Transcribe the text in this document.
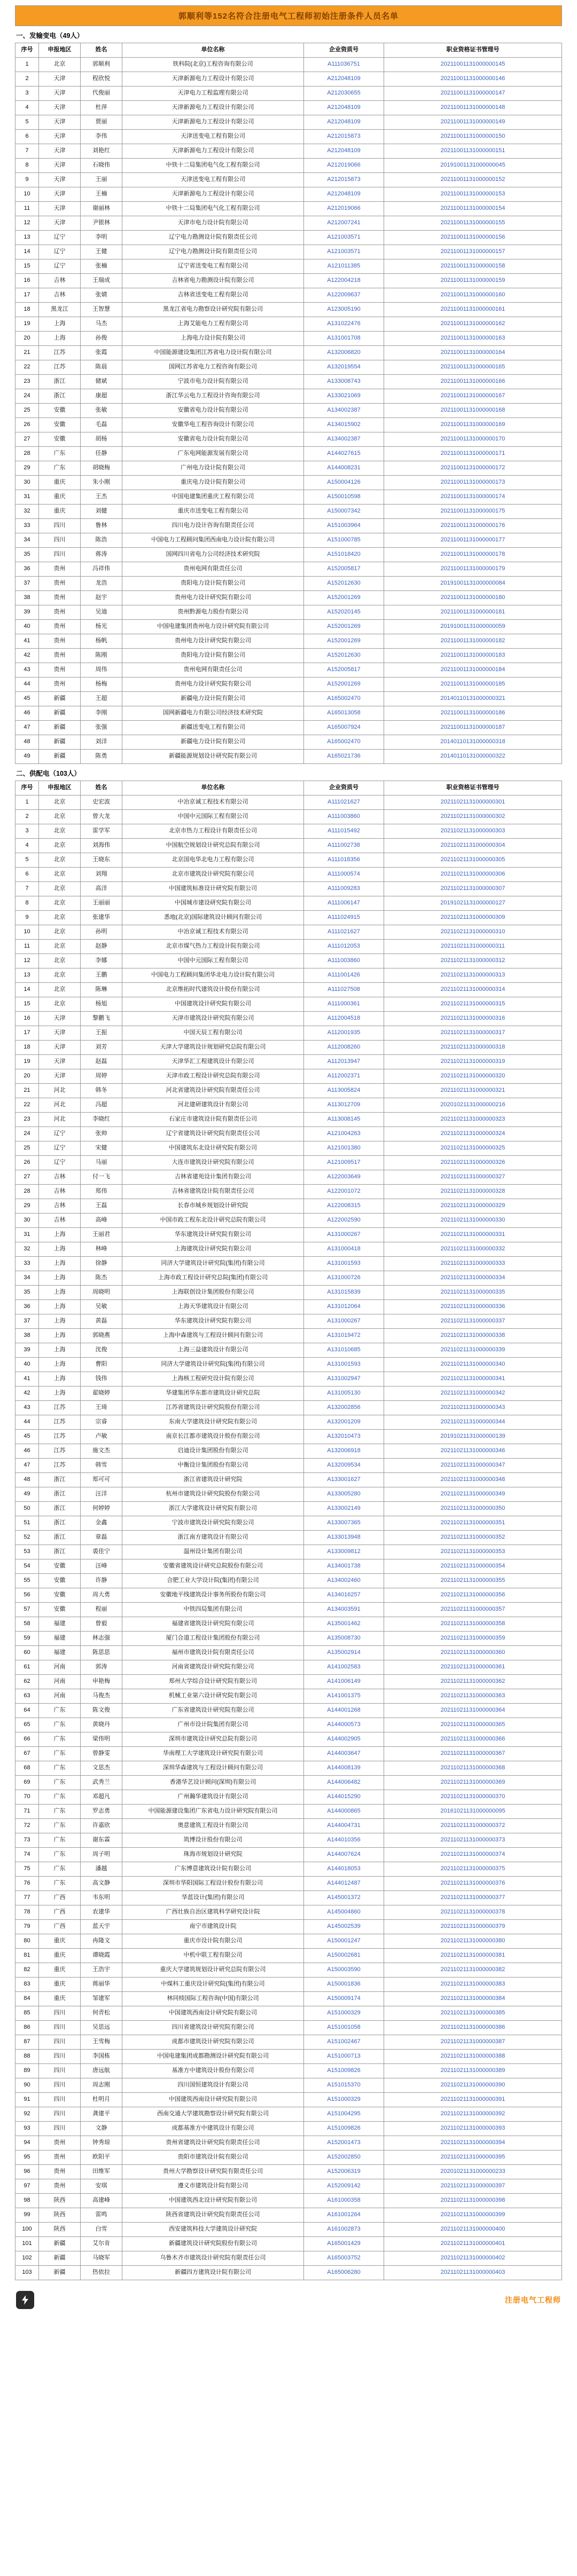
郭顺利等152名符合注册电气工程师初始注册条件人员名单
一、发输变电（49人）
序号	申报地区	姓名	单位名称	企业资质号	职业资格证书管理号
1	北京	郭顺利	铁科院(北京)工程咨询有限公司	A111036751	20211001131000000145
2	天津	程欣悦	天津新源电力工程设计有限公司	A212048109	20211001131000000146
3	天津	代俊丽	天津电力工程监理有限公司	A212030655	20211001131000000147
4	天津	杜萍	天津新源电力工程设计有限公司	A212048109	20211001131000000148
5	天津	贾丽	天津新源电力工程设计有限公司	A212048109	20211001131000000149
6	天津	李伟	天津送变电工程有限公司	A212015873	20211001131000000150
7	天津	刘艳红	天津新源电力工程设计有限公司	A212048109	20211001131000000151
8	天津	石晓伟	中铁十二局集团电气化工程有限公司	A212019066	20191001131000000045
9	天津	王丽	天津送变电工程有限公司	A212015873	20211001131000000152
10	天津	王楠	天津新源电力工程设计有限公司	A212048109	20211001131000000153
11	天津	谢丽林	中铁十二局集团电气化工程有限公司	A212019066	20211001131000000154
12	天津	尹银林	天津市电力设计院有限公司	A212007241	20211001131000000155
13	辽宁	李明	辽宁电力勘测设计院有限责任公司	A121003571	20211001131000000156
14	辽宁	王健	辽宁电力勘测设计院有限责任公司	A121003571	20211001131000000157
15	辽宁	张楠	辽宁省送变电工程有限公司	A121011385	20211001131000000158
16	吉林	王瑞成	吉林省电力勘测设计院有限公司	A122004218	20211001131000000159
17	吉林	张婧	吉林省送变电工程有限公司	A122009637	20211001131000000160
18	黑龙江	王智慧	黑龙江省电力勘察设计研究院有限公司	A123005190	20211001131000000161
19	上海	马杰	上海艾能电力工程有限公司	A131022476	20211001131000000162
20	上海	孙俊	上海电力设计院有限公司	A131001708	20211001131000000163
21	江苏	张霞	中国能源建设集团江苏省电力设计院有限公司	A132006820	20211001131000000164
22	江苏	陈晨	国网江苏省电力工程咨询有限公司	A132019554	20211001131000000165
23	浙江	储斌	宁波市电力设计院有限公司	A133008743	20211001131000000166
24	浙江	康超	浙江华云电力工程设计咨询有限公司	A133021069	20211001131000000167
25	安徽	张敏	安徽省电力设计院有限公司	A134002387	20211001131000000168
26	安徽	毛磊	安徽华电工程咨询设计有限公司	A134015902	20211001131000000169
27	安徽	胡杨	安徽省电力设计院有限公司	A134002387	20211001131000000170
28	广东	任静	广东电网能源发展有限公司	A144027615	20211001131000000171
29	广东	胡晓梅	广州电力设计院有限公司	A144008231	20211001131000000172
30	重庆	朱小刚	重庆电力设计院有限公司	A150004126	20211001131000000173
31	重庆	王杰	中国电建集团重庆工程有限公司	A150010598	20211001131000000174
32	重庆	刘健	重庆市送变电工程有限公司	A150007342	20211001131000000175
33	四川	鲁林	四川电力设计咨询有限责任公司	A151003964	20211001131000000176
34	四川	陈浩	中国电力工程顾问集团西南电力设计院有限公司	A151000785	20211001131000000177
35	四川	蒋涛	国网四川省电力公司经济技术研究院	A151018420	20211001131000000178
36	贵州	冯祥伟	贵州电网有限责任公司	A152005817	20211001131000000179
37	贵州	龙浩	贵阳电力设计院有限公司	A152012630	20191001131000000084
38	贵州	赵宇	贵州电力设计研究院有限公司	A152001269	20211001131000000180
39	贵州	吴迪	贵州黔源电力股份有限公司	A152020145	20211001131000000181
40	贵州	杨光	中国电建集团贵州电力设计研究院有限公司	A152001269	20191001131000000059
41	贵州	杨帆	贵州电力设计研究院有限公司	A152001269	20211001131000000182
42	贵州	陈刚	贵阳电力设计院有限公司	A152012630	20211001131000000183
43	贵州	周伟	贵州电网有限责任公司	A152005817	20211001131000000184
44	贵州	杨梅	贵州电力设计研究院有限公司	A152001269	20211001131000000185
45	新疆	王超	新疆电力设计院有限公司	A165002470	20140110131000000321
46	新疆	李刚	国网新疆电力有限公司经济技术研究院	A165013058	20211001131000000186
47	新疆	张强	新疆送变电工程有限公司	A165007924	20211001131000000187
48	新疆	刘洋	新疆电力设计院有限公司	A165002470	20140110131000000318
49	新疆	陈勇	新疆能源规划设计研究院有限公司	A165021736	20140110131000000322
二、供配电（103人）
序号	申报地区	姓名	单位名称	企业资质号	职业资格证书管理号
1	北京	史宏波	中冶京诚工程技术有限公司	A111021627	20211021131000000301
2	北京	曾大龙	中国中元国际工程有限公司	A111003860	20211021131000000302
3	北京	雷学军	北京市热力工程设计有限责任公司	A111015492	20211021131000000303
4	北京	刘海伟	中国航空规划设计研究总院有限公司	A111002738	20211021131000000304
5	北京	王晓东	北京国电华北电力工程有限公司	A111018356	20211021131000000305
6	北京	刘翔	北京市建筑设计研究院有限公司	A111000574	20211021131000000306
7	北京	高洋	中国建筑标准设计研究院有限公司	A111009283	20211021131000000307
8	北京	王丽丽	中国城市建设研究院有限公司	A111006147	20191021131000000127
9	北京	张建华	悉地(北京)国际建筑设计顾问有限公司	A111024915	20211021131000000309
10	北京	孙明	中冶京诚工程技术有限公司	A111021627	20211021131000000310
11	北京	赵静	北京市煤气热力工程设计院有限公司	A111012053	20211021131000000311
12	北京	李娜	中国中元国际工程有限公司	A111003860	20211021131000000312
13	北京	王鹏	中国电力工程顾问集团华北电力设计院有限公司	A111001426	20211021131000000313
14	北京	陈琳	北京维拓时代建筑设计股份有限公司	A111027508	20211021131000000314
15	北京	杨旭	中国建筑设计研究院有限公司	A111000361	20211021131000000315
16	天津	黎鹏飞	天津市建筑设计研究院有限公司	A112004518	20211021131000000316
17	天津	王振	中国天辰工程有限公司	A112001935	20211021131000000317
18	天津	刘芳	天津大学建筑设计规划研究总院有限公司	A112008260	20211021131000000318
19	天津	赵磊	天津华汇工程建筑设计有限公司	A112013947	20211021131000000319
20	天津	周婷	天津市政工程设计研究总院有限公司	A112002371	20211021131000000320
21	河北	韩冬	河北省建筑设计研究院有限责任公司	A113005824	20211021131000000321
22	河北	冯超	河北建研建筑设计有限公司	A113012709	20201021131000000216
23	河北	李晓红	石家庄市建筑设计院有限责任公司	A113008145	20211021131000000323
24	辽宁	张帅	辽宁省建筑设计研究院有限责任公司	A121004263	20211021131000000324
25	辽宁	宋健	中国建筑东北设计研究院有限公司	A121001380	20211021131000000325
26	辽宁	马丽	大连市建筑设计研究院有限公司	A121009517	20211021131000000326
27	吉林	付一飞	吉林省建苑设计集团有限公司	A122003649	20211021131000000327
28	吉林	郑伟	吉林省建筑设计院有限责任公司	A122001072	20211021131000000328
29	吉林	王磊	长春市城乡规划设计研究院	A122008315	20211021131000000329
30	吉林	高峰	中国市政工程东北设计研究总院有限公司	A122002590	20211021131000000330
31	上海	王丽君	华东建筑设计研究院有限公司	A131000267	20211021131000000331
32	上海	林峰	上海建筑设计研究院有限公司	A131000418	20211021131000000332
33	上海	徐静	同济大学建筑设计研究院(集团)有限公司	A131001593	20211021131000000333
34	上海	陈杰	上海市政工程设计研究总院(集团)有限公司	A131000726	20211021131000000334
35	上海	周晓明	上海联创设计集团股份有限公司	A131015839	20211021131000000335
36	上海	吴敏	上海天华建筑设计有限公司	A131012064	20211021131000000336
37	上海	黄磊	华东建筑设计研究院有限公司	A131000267	20211021131000000337
38	上海	郭晓燕	上海中森建筑与工程设计顾问有限公司	A131019472	20211021131000000338
39	上海	沈俊	上海三益建筑设计有限公司	A131010685	20211021131000000339
40	上海	曹阳	同济大学建筑设计研究院(集团)有限公司	A131001593	20211021131000000340
41	上海	钱伟	上海核工程研究设计院有限公司	A131002947	20211021131000000341
42	上海	翟晓婷	华建集团华东都市建筑设计研究总院	A131005130	20211021131000000342
43	江苏	王琦	江苏省建筑设计研究院股份有限公司	A132002856	20211021131000000343
44	江苏	宗睿	东南大学建筑设计研究院有限公司	A132001209	20211021131000000344
45	江苏	卢敏	南京长江都市建筑设计股份有限公司	A132010473	20191021131000000139
46	江苏	施文杰	启迪设计集团股份有限公司	A132006918	20211021131000000346
47	江苏	韩雪	中衡设计集团股份有限公司	A132009534	20211021131000000347
48	浙江	郑可可	浙江省建筑设计研究院	A133001627	20211021131000000348
49	浙江	汪洋	杭州市建筑设计研究院股份有限公司	A133005280	20211021131000000349
50	浙江	何婷婷	浙江大学建筑设计研究院有限公司	A133002149	20211021131000000350
51	浙江	金鑫	宁波市建筑设计研究院有限公司	A133007365	20211021131000000351
52	浙江	章磊	浙江南方建筑设计有限公司	A133013948	20211021131000000352
53	浙江	裘佳宁	温州设计集团有限公司	A133009812	20211021131000000353
54	安徽	汪峰	安徽省建筑设计研究总院股份有限公司	A134001738	20211021131000000354
55	安徽	许静	合肥工业大学设计院(集团)有限公司	A134002460	20211021131000000355
56	安徽	周大勇	安徽地平线建筑设计事务所股份有限公司	A134016257	20211021131000000356
57	安徽	程丽	中铁四局集团有限公司	A134003591	20211021131000000357
58	福建	曾毅	福建省建筑设计研究院有限公司	A135001462	20211021131000000358
59	福建	林志强	厦门合道工程设计集团股份有限公司	A135008730	20211021131000000359
60	福建	陈思思	福州市建筑设计院有限责任公司	A135002914	20211021131000000360
61	河南	郭涛	河南省建筑设计研究院有限公司	A141002583	20211021131000000361
62	河南	申艳梅	郑州大学综合设计研究院有限公司	A141006149	20211021131000000362
63	河南	马俊杰	机械工业第六设计研究院有限公司	A141001375	20211021131000000363
64	广东	陈文俊	广东省建筑设计研究院有限公司	A144001268	20211021131000000364
65	广东	黄晓丹	广州市设计院集团有限公司	A144000573	20211021131000000365
66	广东	梁伟明	深圳市建筑设计研究总院有限公司	A144002905	20211021131000000366
67	广东	曾静雯	华南理工大学建筑设计研究院有限公司	A144003647	20211021131000000367
68	广东	文思杰	深圳华森建筑与工程设计顾问有限公司	A144008139	20211021131000000368
69	广东	武秀兰	香港华艺设计顾问(深圳)有限公司	A144006482	20211021131000000369
70	广东	邓超凡	广州瀚华建筑设计有限公司	A144015290	20211021131000000370
71	广东	罗志勇	中国能源建设集团广东省电力设计研究院有限公司	A144000865	20161021131000000095
72	广东	许嘉欣	奥意建筑工程设计有限公司	A144004731	20211021131000000372
73	广东	谢东霖	筑博设计股份有限公司	A144010356	20211021131000000373
74	广东	周子明	珠海市规划设计研究院	A144007624	20211021131000000374
75	广东	潘越	广东博意建筑设计院有限公司	A144018053	20211021131000000375
76	广东	高文静	深圳市华阳国际工程设计股份有限公司	A144012487	20211021131000000376
77	广西	韦东明	华蓝设计(集团)有限公司	A145001372	20211021131000000377
78	广西	农建华	广西壮族自治区建筑科学研究设计院	A145004860	20211021131000000378
79	广西	蓝天宇	南宁市建筑设计院	A145002539	20211021131000000379
80	重庆	冉隆文	重庆市设计院有限公司	A150001247	20211021131000000380
81	重庆	谭晓霞	中机中联工程有限公司	A150002681	20211021131000000381
82	重庆	王浩宇	重庆大学建筑规划设计研究总院有限公司	A150003590	20211021131000000382
83	重庆	蒋丽华	中煤科工重庆设计研究院(集团)有限公司	A150001836	20211021131000000383
84	重庆	邹建军	林同棪国际工程咨询(中国)有限公司	A150009174	20211021131000000384
85	四川	何青松	中国建筑西南设计研究院有限公司	A151000329	20211021131000000385
86	四川	吴思远	四川省建筑设计研究院有限公司	A151001058	20211021131000000386
87	四川	王雪梅	成都市建筑设计研究院有限公司	A151002467	20211021131000000387
88	四川	李国栋	中国电建集团成都勘测设计研究院有限公司	A151000713	20211021131000000388
89	四川	唐远航	基准方中建筑设计股份有限公司	A151009826	20211021131000000389
90	四川	周志刚	四川国恒建筑设计有限公司	A151015370	20211021131000000390
91	四川	杜明月	中国建筑西南设计研究院有限公司	A151000329	20211021131000000391
92	四川	龚建平	西南交通大学建筑勘察设计研究院有限公司	A151004295	20211021131000000392
93	四川	文静	成都基准方中建筑设计有限公司	A151009826	20211021131000000393
94	贵州	钟秀琼	贵州省建筑设计研究院有限责任公司	A152001473	20211021131000000394
95	贵州	欧阳平	贵阳市建筑设计院有限公司	A152002850	20211021131000000395
96	贵州	田维军	贵州大学勘察设计研究院有限责任公司	A152006319	20201021131000000233
97	贵州	安琪	遵义市建筑设计院有限公司	A152009142	20211021131000000397
98	陕西	高建峰	中国建筑西北设计研究院有限公司	A161000358	20211021131000000398
99	陕西	雷鸣	陕西省建筑设计研究院有限责任公司	A161001264	20211021131000000399
100	陕西	白雪	西安建筑科技大学建筑设计研究院	A161002873	20211021131000000400
101	新疆	艾尔肯	新疆建筑设计研究院股份有限公司	A165001429	20211021131000000401
102	新疆	马晓军	乌鲁木齐市建筑设计研究院有限责任公司	A165003752	20211021131000000402
103	新疆	热依拉	新疆四方建筑设计院有限公司	A165006280	20211021131000000403
注册电气工程师
